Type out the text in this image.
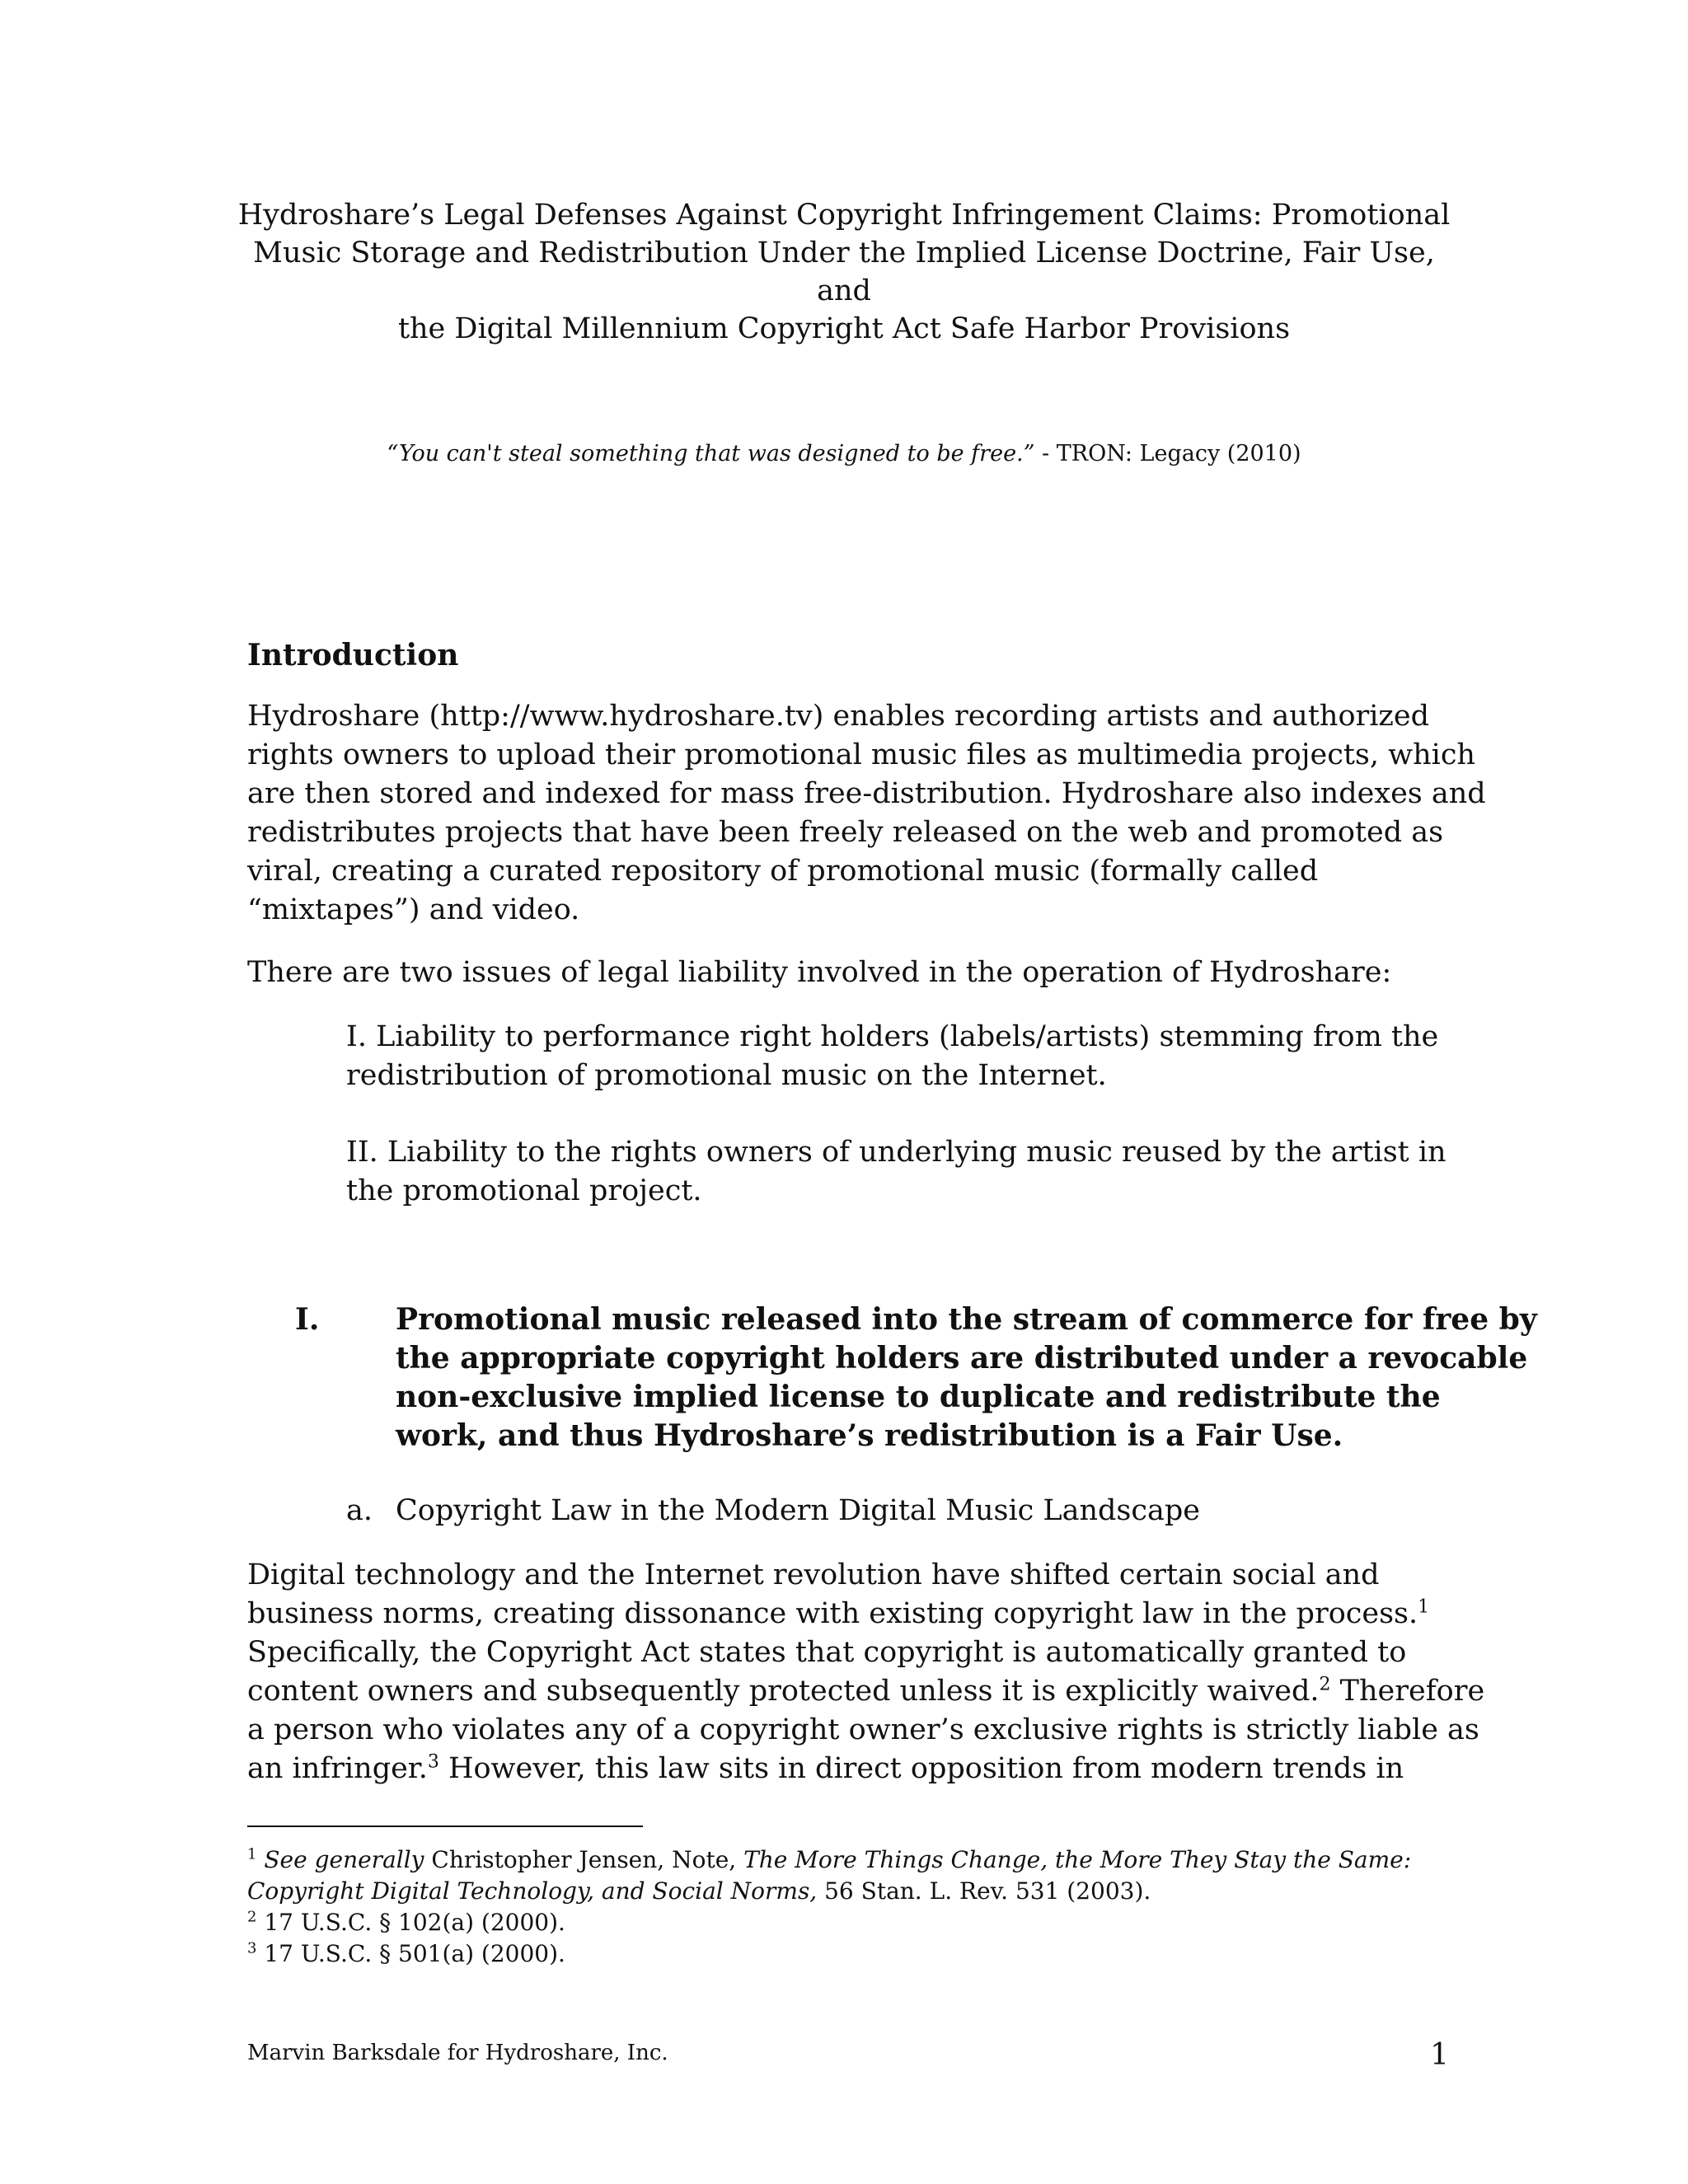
Hydroshare’s Legal Defenses Against Copyright Infringement Claims: Promotional
Music Storage and Redistribution Under the Implied License Doctrine, Fair Use, and
the Digital Millennium Copyright Act Safe Harbor Provisions
“You can't steal something that was designed to be free.” - TRON: Legacy (2010)
Introduction
Hydroshare (http://www.hydroshare.tv) enables recording artists and authorized
rights owners to upload their promotional music files as multimedia projects, which
are then stored and indexed for mass free-distribution. Hydroshare also indexes and
redistributes projects that have been freely released on the web and promoted as
viral, creating a curated repository of promotional music (formally called
“mixtapes”) and video.
There are two issues of legal liability involved in the operation of Hydroshare:
I. Liability to performance right holders (labels/artists) stemming from the
redistribution of promotional music on the Internet.
II. Liability to the rights owners of underlying music reused by the artist in
the promotional project.
I.	Promotional music released into the stream of commerce for free by
the appropriate copyright holders are distributed under a revocable
non-exclusive implied license to duplicate and redistribute the
work, and thus Hydroshare’s redistribution is a Fair Use.
a. Copyright Law in the Modern Digital Music Landscape
Digital technology and the Internet revolution have shifted certain social and
business norms, creating dissonance with existing copyright law in the process.$^1$
Specifically, the Copyright Act states that copyright is automatically granted to
content owners and subsequently protected unless it is explicitly waived.$^2$ Therefore
a person who violates any of a copyright owner’s exclusive rights is strictly liable as
an infringer.$^3$ However, this law sits in direct opposition from modern trends in
$^1$ See generally Christopher Jensen, Note, The More Things Change, the More They Stay the Same:
Copyright Digital Technology, and Social Norms, 56 Stan. L. Rev. 531 (2003).
$^2$ 17 U.S.C. § 102(a) (2000).
$^3$ 17 U.S.C. § 501(a) (2000).
Marvin Barksdale for Hydroshare, Inc.	1
